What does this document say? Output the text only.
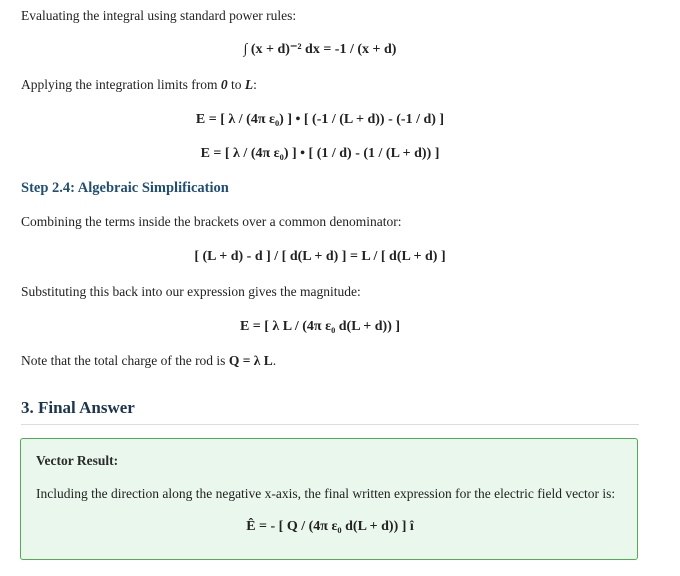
Evaluating the integral using standard power rules:
∫ (x + d)⁻² dx = -1 / (x + d)
Applying the integration limits from 0 to L:
E = [ λ / (4π ε₀) ] • [ (-1 / (L + d)) - (-1 / d) ]
E = [ λ / (4π ε₀) ] • [ (1 / d) - (1 / (L + d)) ]
Step 2.4: Algebraic Simplification
Combining the terms inside the brackets over a common denominator:
[ (L + d) - d ] / [ d(L + d) ] = L / [ d(L + d) ]
Substituting this back into our expression gives the magnitude:
E = [ λ L / (4π ε₀ d(L + d)) ]
Note that the total charge of the rod is Q = λ L.
3. Final Answer
Vector Result:
Including the direction along the negative x-axis, the final written expression for the electric field vector is:
Ê = - [ Q / (4π ε₀ d(L + d)) ] î
